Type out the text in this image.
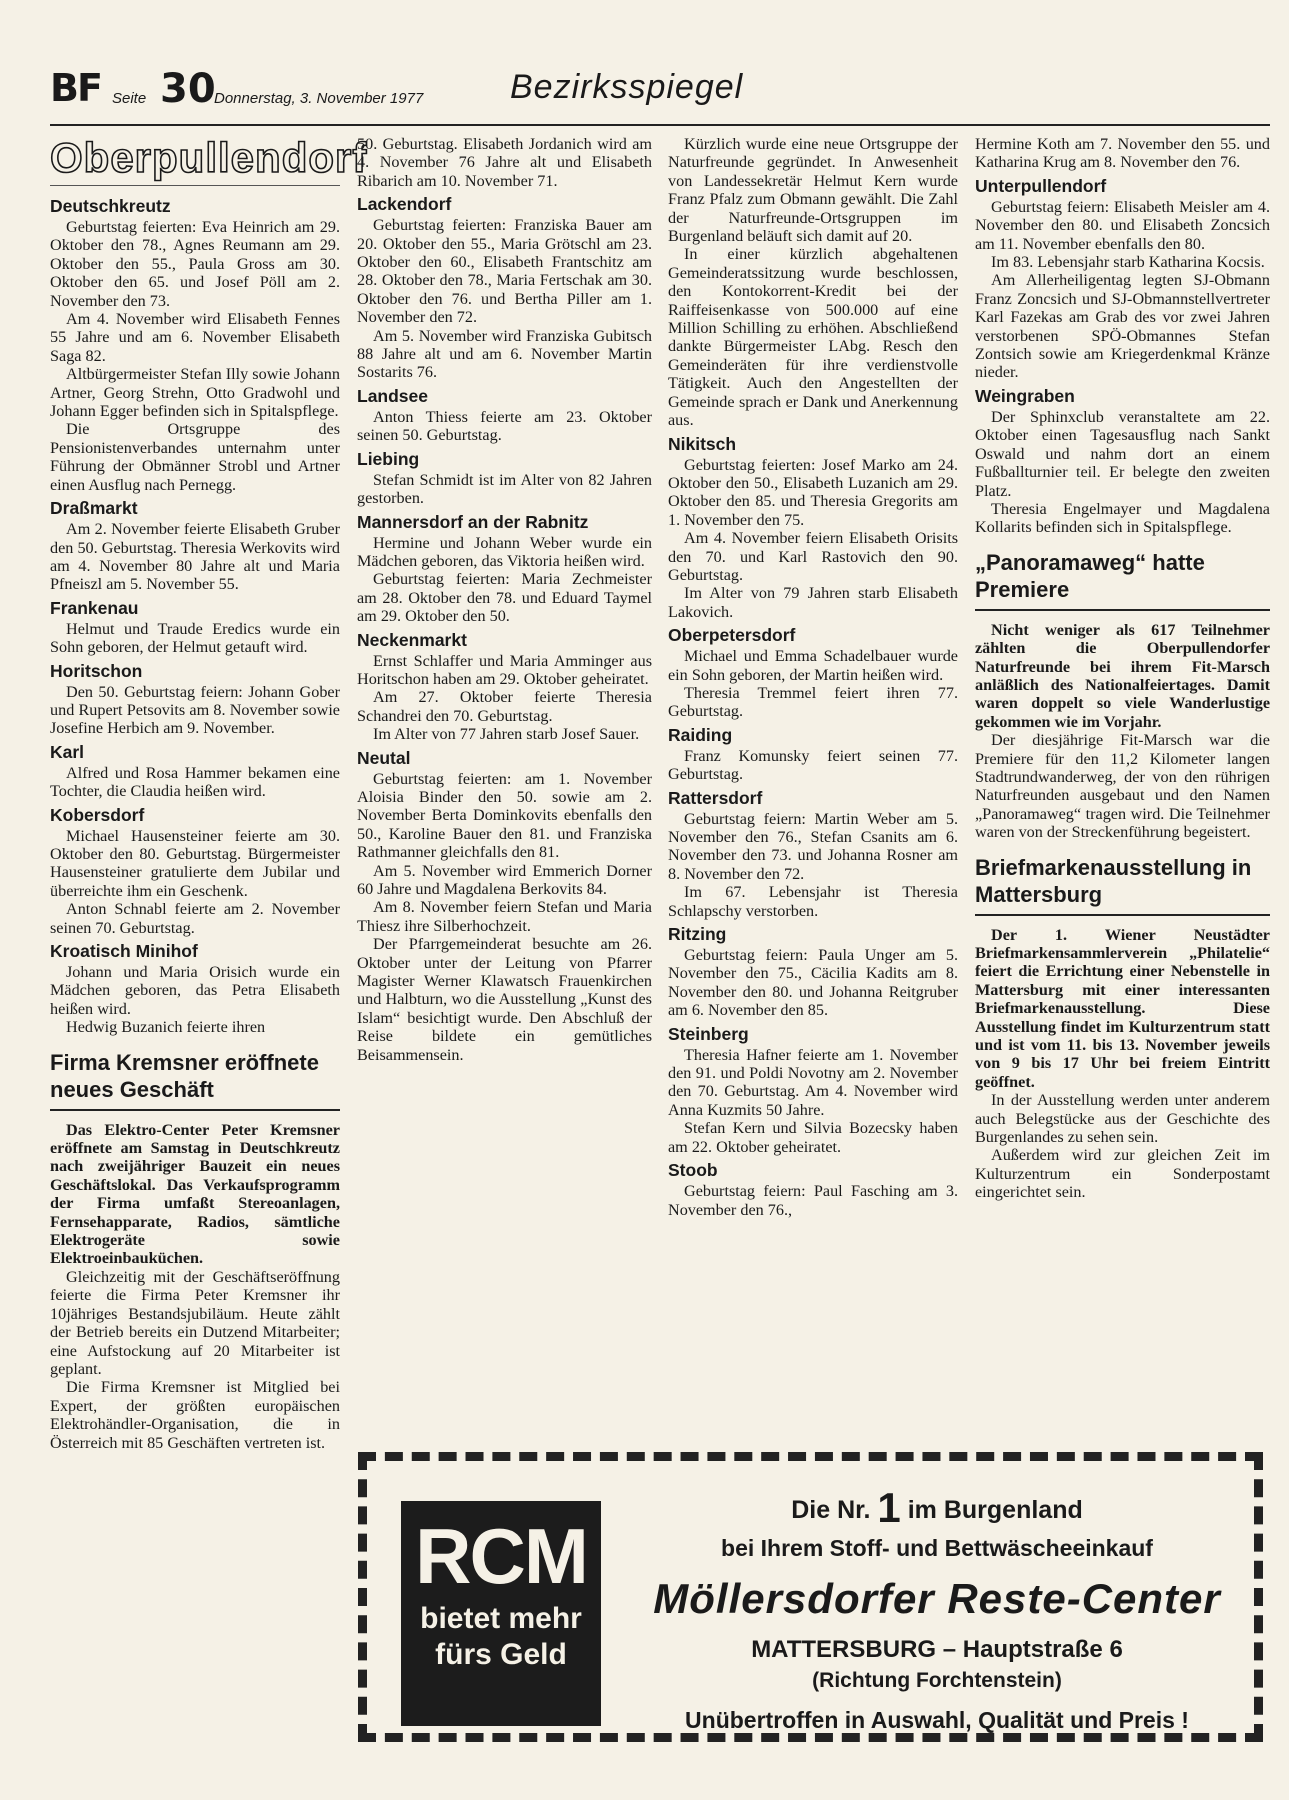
BF Seite 30
Donnerstag, 3. November 1977	Bezirksspiegel
Oberpullendorf
Deutschkreutz

Geburtstag feierten: Eva Heinrich am 29. Oktober den 78., Agnes Reumann am 29. Oktober den 55., Paula Gross am 30. Oktober den 65. und Josef Pöll am 2. November den 73.

Am 4. November wird Elisabeth Fennes 55 Jahre und am 6. November Elisabeth Saga 82.

Altbürgermeister Stefan Illy sowie Johann Artner, Georg Strehn, Otto Gradwohl und Johann Egger befinden sich in Spitalspflege.

Die Ortsgruppe des Pensionistenverbandes unternahm unter Führung der Obmänner Strobl und Artner einen Ausflug nach Pernegg.

Draßmarkt

Am 2. November feierte Elisabeth Gruber den 50. Geburtstag. Theresia Werkovits wird am 4. November 80 Jahre alt und Maria Pfneiszl am 5. November 55.

Frankenau

Helmut und Traude Eredics wurde ein Sohn geboren, der Helmut getauft wird.

Horitschon

Den 50. Geburtstag feiern: Johann Gober und Rupert Petsovits am 8. November sowie Josefine Herbich am 9. November.

Karl

Alfred und Rosa Hammer bekamen eine Tochter, die Claudia heißen wird.

Kobersdorf

Michael Hausensteiner feierte am 30. Oktober den 80. Geburtstag. Bürgermeister Hausensteiner gratulierte dem Jubilar und überreichte ihm ein Geschenk.

Anton Schnabl feierte am 2. November seinen 70. Geburtstag.

Kroatisch Minihof

Johann und Maria Orisich wurde ein Mädchen geboren, das Petra Elisabeth heißen wird.

Hedwig Buzanich feierte ihren

Firma Kremsner eröffnete neues Geschäft

Das Elektro-Center Peter Kremsner eröffnete am Samstag in Deutschkreutz nach zweijähriger Bauzeit ein neues Geschäftslokal. Das Verkaufsprogramm der Firma umfaßt Stereoanlagen, Fernsehapparate, Radios, sämtliche Elektrogeräte sowie Elektroeinbauküchen.

Gleichzeitig mit der Geschäftseröffnung feierte die Firma Peter Kremsner ihr 10jähriges Bestandsjubiläum. Heute zählt der Betrieb bereits ein Dutzend Mitarbeiter; eine Aufstockung auf 20 Mitarbeiter ist geplant.

Die Firma Kremsner ist Mitglied bei Expert, der größten europäischen Elektrohändler-Organisation, die in Österreich mit 85 Geschäften vertreten ist.

50. Geburtstag. Elisabeth Jordanich wird am 4. November 76 Jahre alt und Elisabeth Ribarich am 10. November 71.

Lackendorf

Geburtstag feierten: Franziska Bauer am 20. Oktober den 55., Maria Grötschl am 23. Oktober den 60., Elisabeth Frantschitz am 28. Oktober den 78., Maria Fertschak am 30. Oktober den 76. und Bertha Piller am 1. November den 72.

Am 5. November wird Franziska Gubitsch 88 Jahre alt und am 6. November Martin Sostarits 76.

Landsee

Anton Thiess feierte am 23. Oktober seinen 50. Geburtstag.

Liebing

Stefan Schmidt ist im Alter von 82 Jahren gestorben.

Mannersdorf an der Rabnitz

Hermine und Johann Weber wurde ein Mädchen geboren, das Viktoria heißen wird.

Geburtstag feierten: Maria Zechmeister am 28. Oktober den 78. und Eduard Taymel am 29. Oktober den 50.

Neckenmarkt

Ernst Schlaffer und Maria Amminger aus Horitschon haben am 29. Oktober geheiratet.

Am 27. Oktober feierte Theresia Schandrei den 70. Geburtstag.

Im Alter von 77 Jahren starb Josef Sauer.

Neutal

Geburtstag feierten: am 1. November Aloisia Binder den 50. sowie am 2. November Berta Dominkovits ebenfalls den 50., Karoline Bauer den 81. und Franziska Rathmanner gleichfalls den 81.

Am 5. November wird Emmerich Dorner 60 Jahre und Magdalena Berkovits 84.

Am 8. November feiern Stefan und Maria Thiesz ihre Silberhochzeit.

Der Pfarrgemeinderat besuchte am 26. Oktober unter der Leitung von Pfarrer Magister Werner Klawatsch Frauenkirchen und Halbturn, wo die Ausstellung „Kunst des Islam“ besichtigt wurde. Den Abschluß der Reise bildete ein gemütliches Beisammensein.

Kürzlich wurde eine neue Ortsgruppe der Naturfreunde gegründet. In Anwesenheit von Landessekretär Helmut Kern wurde Franz Pfalz zum Obmann gewählt. Die Zahl der Naturfreunde-Ortsgruppen im Burgenland beläuft sich damit auf 20.

In einer kürzlich abgehaltenen Gemeinderatssitzung wurde beschlossen, den Kontokorrent-Kredit bei der Raiffeisenkasse von 500.000 auf eine Million Schilling zu erhöhen. Abschließend dankte Bürgermeister LAbg. Resch den Gemeinderäten für ihre verdienstvolle Tätigkeit. Auch den Angestellten der Gemeinde sprach er Dank und Anerkennung aus.

Nikitsch

Geburtstag feierten: Josef Marko am 24. Oktober den 50., Elisabeth Luzanich am 29. Oktober den 85. und Theresia Gregorits am 1. November den 75.

Am 4. November feiern Elisabeth Orisits den 70. und Karl Rastovich den 90. Geburtstag.

Im Alter von 79 Jahren starb Elisabeth Lakovich.

Oberpetersdorf

Michael und Emma Schadelbauer wurde ein Sohn geboren, der Martin heißen wird.

Theresia Tremmel feiert ihren 77. Geburtstag.

Raiding

Franz Komunsky feiert seinen 77. Geburtstag.

Rattersdorf

Geburtstag feiern: Martin Weber am 5. November den 76., Stefan Csanits am 6. November den 73. und Johanna Rosner am 8. November den 72.

Im 67. Lebensjahr ist Theresia Schlapschy verstorben.

Ritzing

Geburtstag feiern: Paula Unger am 5. November den 75., Cäcilia Kadits am 8. November den 80. und Johanna Reitgruber am 6. November den 85.

Steinberg

Theresia Hafner feierte am 1. November den 91. und Poldi Novotny am 2. November den 70. Geburtstag. Am 4. November wird Anna Kuzmits 50 Jahre.

Stefan Kern und Silvia Bozecsky haben am 22. Oktober geheiratet.

Stoob

Geburtstag feiern: Paul Fasching am 3. November den 76.,

Hermine Koth am 7. November den 55. und Katharina Krug am 8. November den 76.

Unterpullendorf

Geburtstag feiern: Elisabeth Meisler am 4. November den 80. und Elisabeth Zoncsich am 11. November ebenfalls den 80.

Im 83. Lebensjahr starb Katharina Kocsis.

Am Allerheiligentag legten SJ-Obmann Franz Zoncsich und SJ-Obmannstellvertreter Karl Fazekas am Grab des vor zwei Jahren verstorbenen SPÖ-Obmannes Stefan Zontsich sowie am Kriegerdenkmal Kränze nieder.

Weingraben

Der Sphinxclub veranstaltete am 22. Oktober einen Tagesausflug nach Sankt Oswald und nahm dort an einem Fußballturnier teil. Er belegte den zweiten Platz.

Theresia Engelmayer und Magdalena Kollarits befinden sich in Spitalspflege.

„Panoramaweg“ hatte Premiere

Nicht weniger als 617 Teilnehmer zählten die Oberpullendorfer Naturfreunde bei ihrem Fit-Marsch anläßlich des Nationalfeiertages. Damit waren doppelt so viele Wanderlustige gekommen wie im Vorjahr.

Der diesjährige Fit-Marsch war die Premiere für den 11,2 Kilometer langen Stadtrundwanderweg, der von den rührigen Naturfreunden ausgebaut und den Namen „Panoramaweg“ tragen wird. Die Teilnehmer waren von der Streckenführung begeistert.

Briefmarkenausstellung in Mattersburg

Der 1. Wiener Neustädter Briefmarkensammlerverein „Philatelie“ feiert die Errichtung einer Nebenstelle in Mattersburg mit einer interessanten Briefmarkenausstellung. Diese Ausstellung findet im Kulturzentrum statt und ist vom 11. bis 13. November jeweils von 9 bis 17 Uhr bei freiem Eintritt geöffnet.

In der Ausstellung werden unter anderem auch Belegstücke aus der Geschichte des Burgenlandes zu sehen sein.

Außerdem wird zur gleichen Zeit im Kulturzentrum ein Sonderpostamt eingerichtet sein.

RCM
bietet mehr
fürs Geld
Die Nr. 1 im Burgenland
bei Ihrem Stoff- und Bettwäscheeinkauf
Möllersdorfer Reste-Center
MATTERSBURG – Hauptstraße 6
(Richtung Forchtenstein)
Unübertroffen in Auswahl, Qualität und Preis !
